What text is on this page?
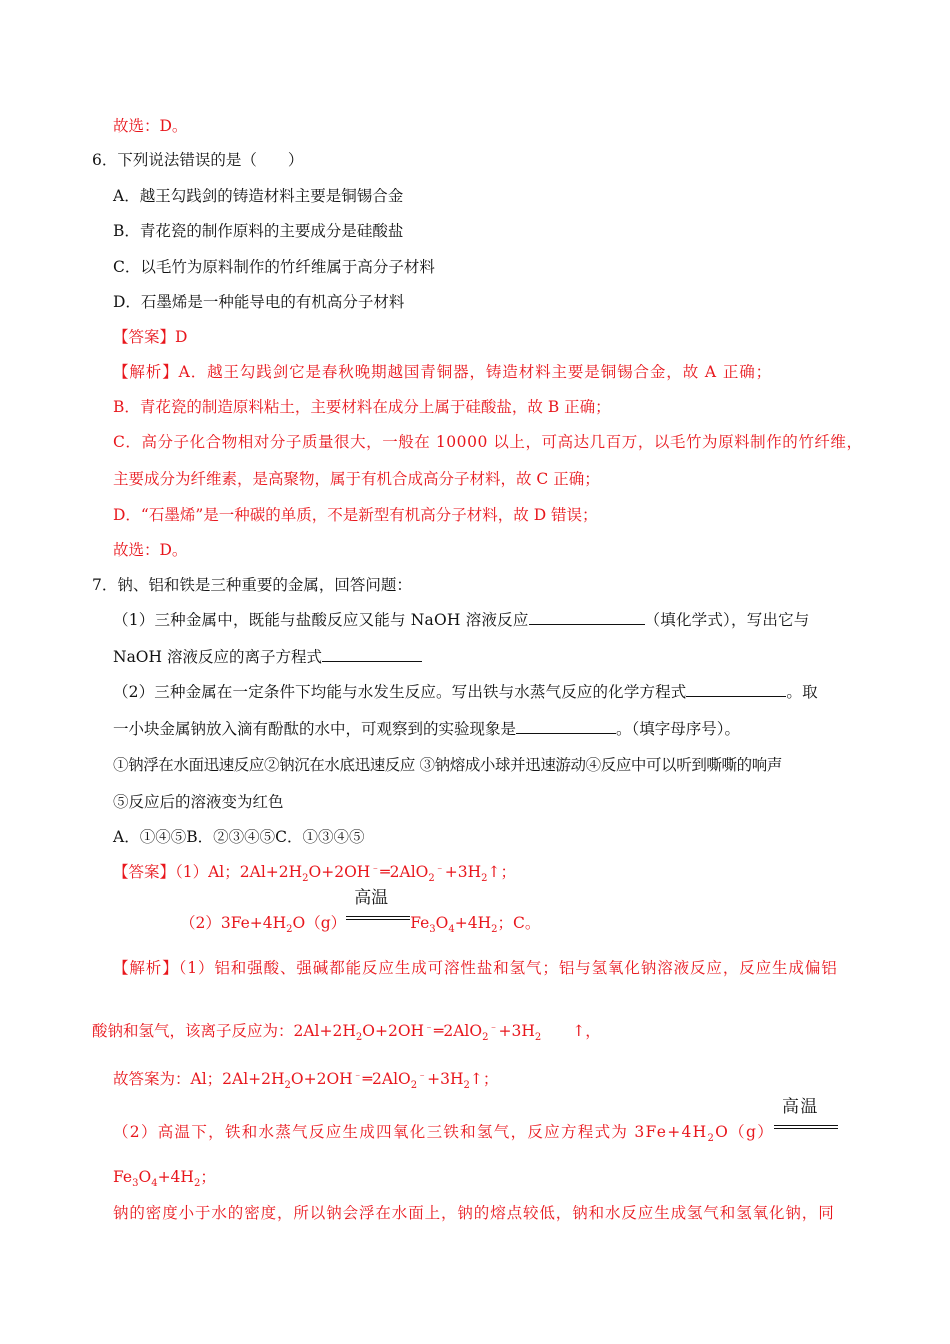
故选：D。
6．下列说法错误的是（　　）
A．越王勾践剑的铸造材料主要是铜锡合金
B．青花瓷的制作原料的主要成分是硅酸盐
C．以毛竹为原料制作的竹纤维属于高分子材料
D．石墨烯是一种能导电的有机高分子材料
【答案】D
【解析】A．越王勾践剑它是春秋晚期越国青铜器，铸造材料主要是铜锡合金，故 A 正确；
B．青花瓷的制造原料粘土，主要材料在成分上属于硅酸盐，故 B 正确；
C．高分子化合物相对分子质量很大，一般在 10000 以上，可高达几百万，以毛竹为原料制作的竹纤维，
主要成分为纤维素，是高聚物，属于有机合成高分子材料，故 C 正确；
D．“石墨烯”是一种碳的单质，不是新型有机高分子材料，故 D 错误；
故选：D。
7．钠、铝和铁是三种重要的金属，回答问题：
（1）三种金属中，既能与盐酸反应又能与 NaOH 溶液反应	（填化学式），写出它与
NaOH 溶液反应的离子方程式
（2）三种金属在一定条件下均能与水发生反应。写出铁与水蒸气反应的化学方程式	。取
一小块金属钠放入滴有酚酞的水中，可观察到的实验现象是	。（填字母序号）。
①钠浮在水面迅速反应②钠沉在水底迅速反应 ③钠熔成小球并迅速游动④反应中可以听到嘶嘶的响声
⑤反应后的溶液变为红色
A．①④⑤B．②③④⑤C．①③④⑤
【答案】（1）Al；$2Al+2H_2O+2OH^﹣═2AlO_2^﹣+3H_2↑$；
$(2)3Fe+4H_2O(g)$
高温
$Fe_3O_4+4H_2$；C。
【解析】（1）铝和强酸、强碱都能反应生成可溶性盐和氢气；铝与氢氧化钠溶液反应，反应生成偏铝
酸钠和氢气，该离子反应为：$2Al+2H_2O+2OH^﹣═2AlO_2^﹣+3H_2$　　↑，
故答案为：Al；$2Al+2H_2O+2OH^﹣═2AlO_2^﹣+3H_2↑$；
（2）高温下，铁和水蒸气反应生成四氧化三铁和氢气，反应方程式为 $3Fe+4H_2O(g)$
高温
$Fe_3O_4+4H_2$；
钠的密度小于水的密度，所以钠会浮在水面上，钠的熔点较低，钠和水反应生成氢气和氢氧化钠，同
